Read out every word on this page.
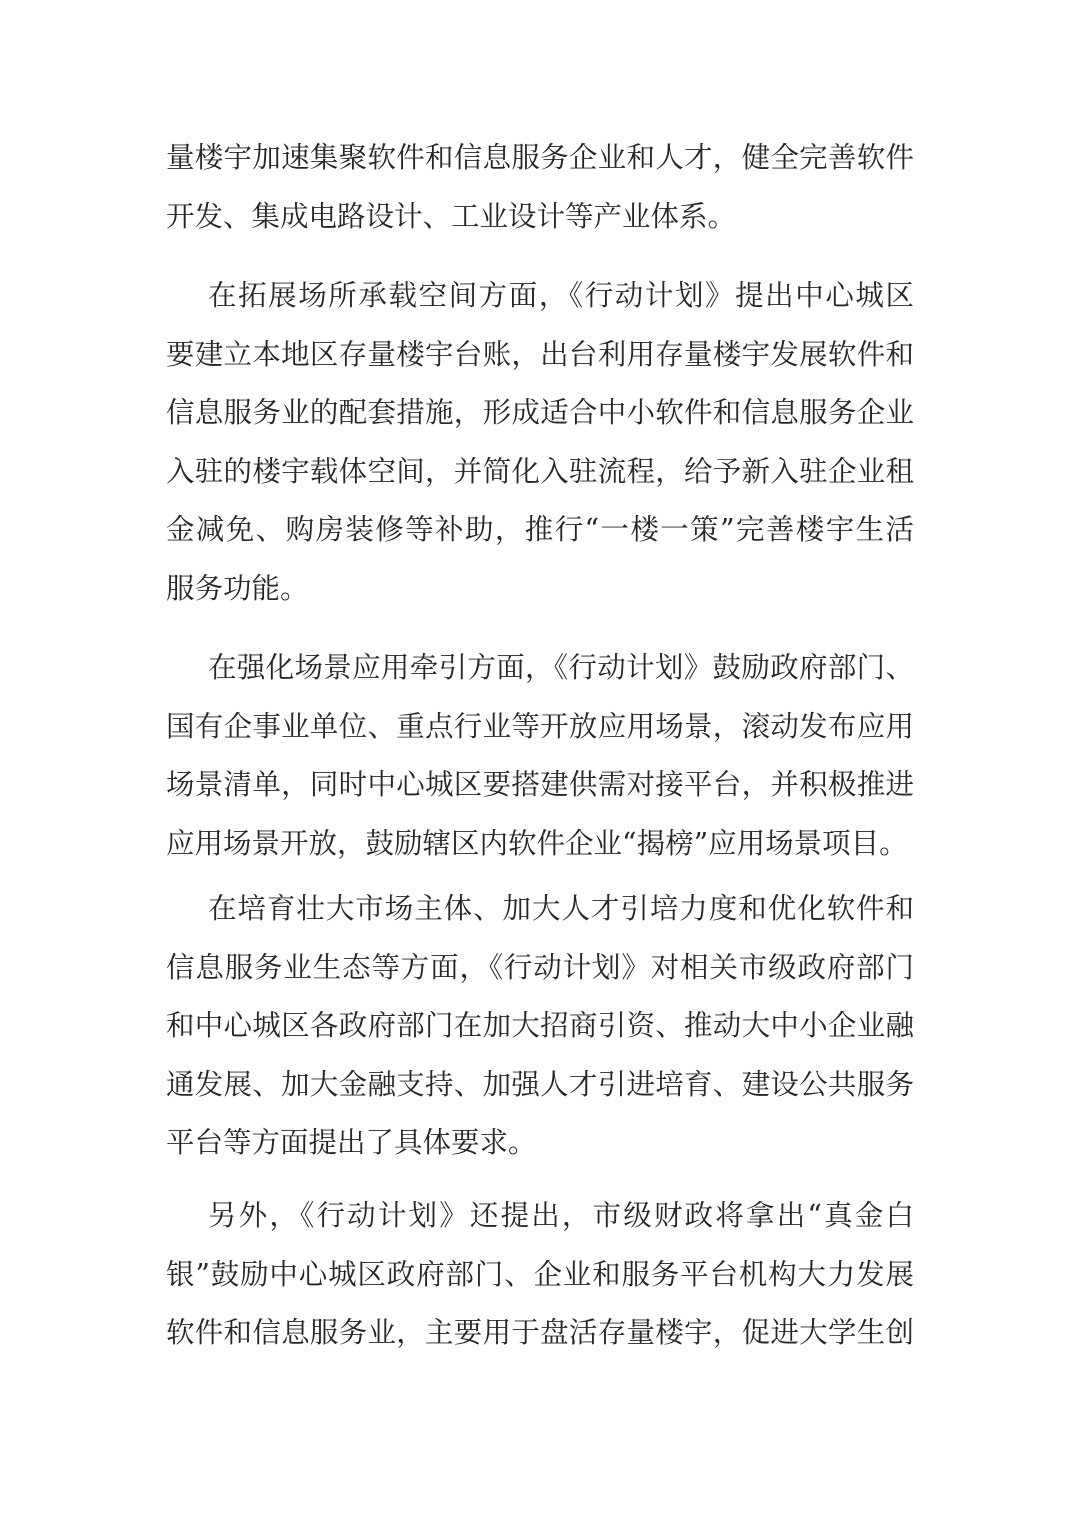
量楼宇加速集聚软件和信息服务企业和人才，健全完善软件
开发、集成电路设计、工业设计等产业体系。
在拓展场所承载空间方面，《行动计划》提出中心城区
要建立本地区存量楼宇台账，出台利用存量楼宇发展软件和
信息服务业的配套措施，形成适合中小软件和信息服务企业
入驻的楼宇载体空间，并简化入驻流程，给予新入驻企业租
金减免、购房装修等补助，推行“一楼一策”完善楼宇生活
服务功能。
在强化场景应用牵引方面，《行动计划》鼓励政府部门、
国有企事业单位、重点行业等开放应用场景，滚动发布应用
场景清单，同时中心城区要搭建供需对接平台，并积极推进
应用场景开放，鼓励辖区内软件企业“揭榜”应用场景项目。
在培育壮大市场主体、加大人才引培力度和优化软件和
信息服务业生态等方面，《行动计划》对相关市级政府部门
和中心城区各政府部门在加大招商引资、推动大中小企业融
通发展、加大金融支持、加强人才引进培育、建设公共服务
平台等方面提出了具体要求。
另外，《行动计划》还提出，市级财政将拿出“真金白
银”鼓励中心城区政府部门、企业和服务平台机构大力发展
软件和信息服务业，主要用于盘活存量楼宇，促进大学生创
